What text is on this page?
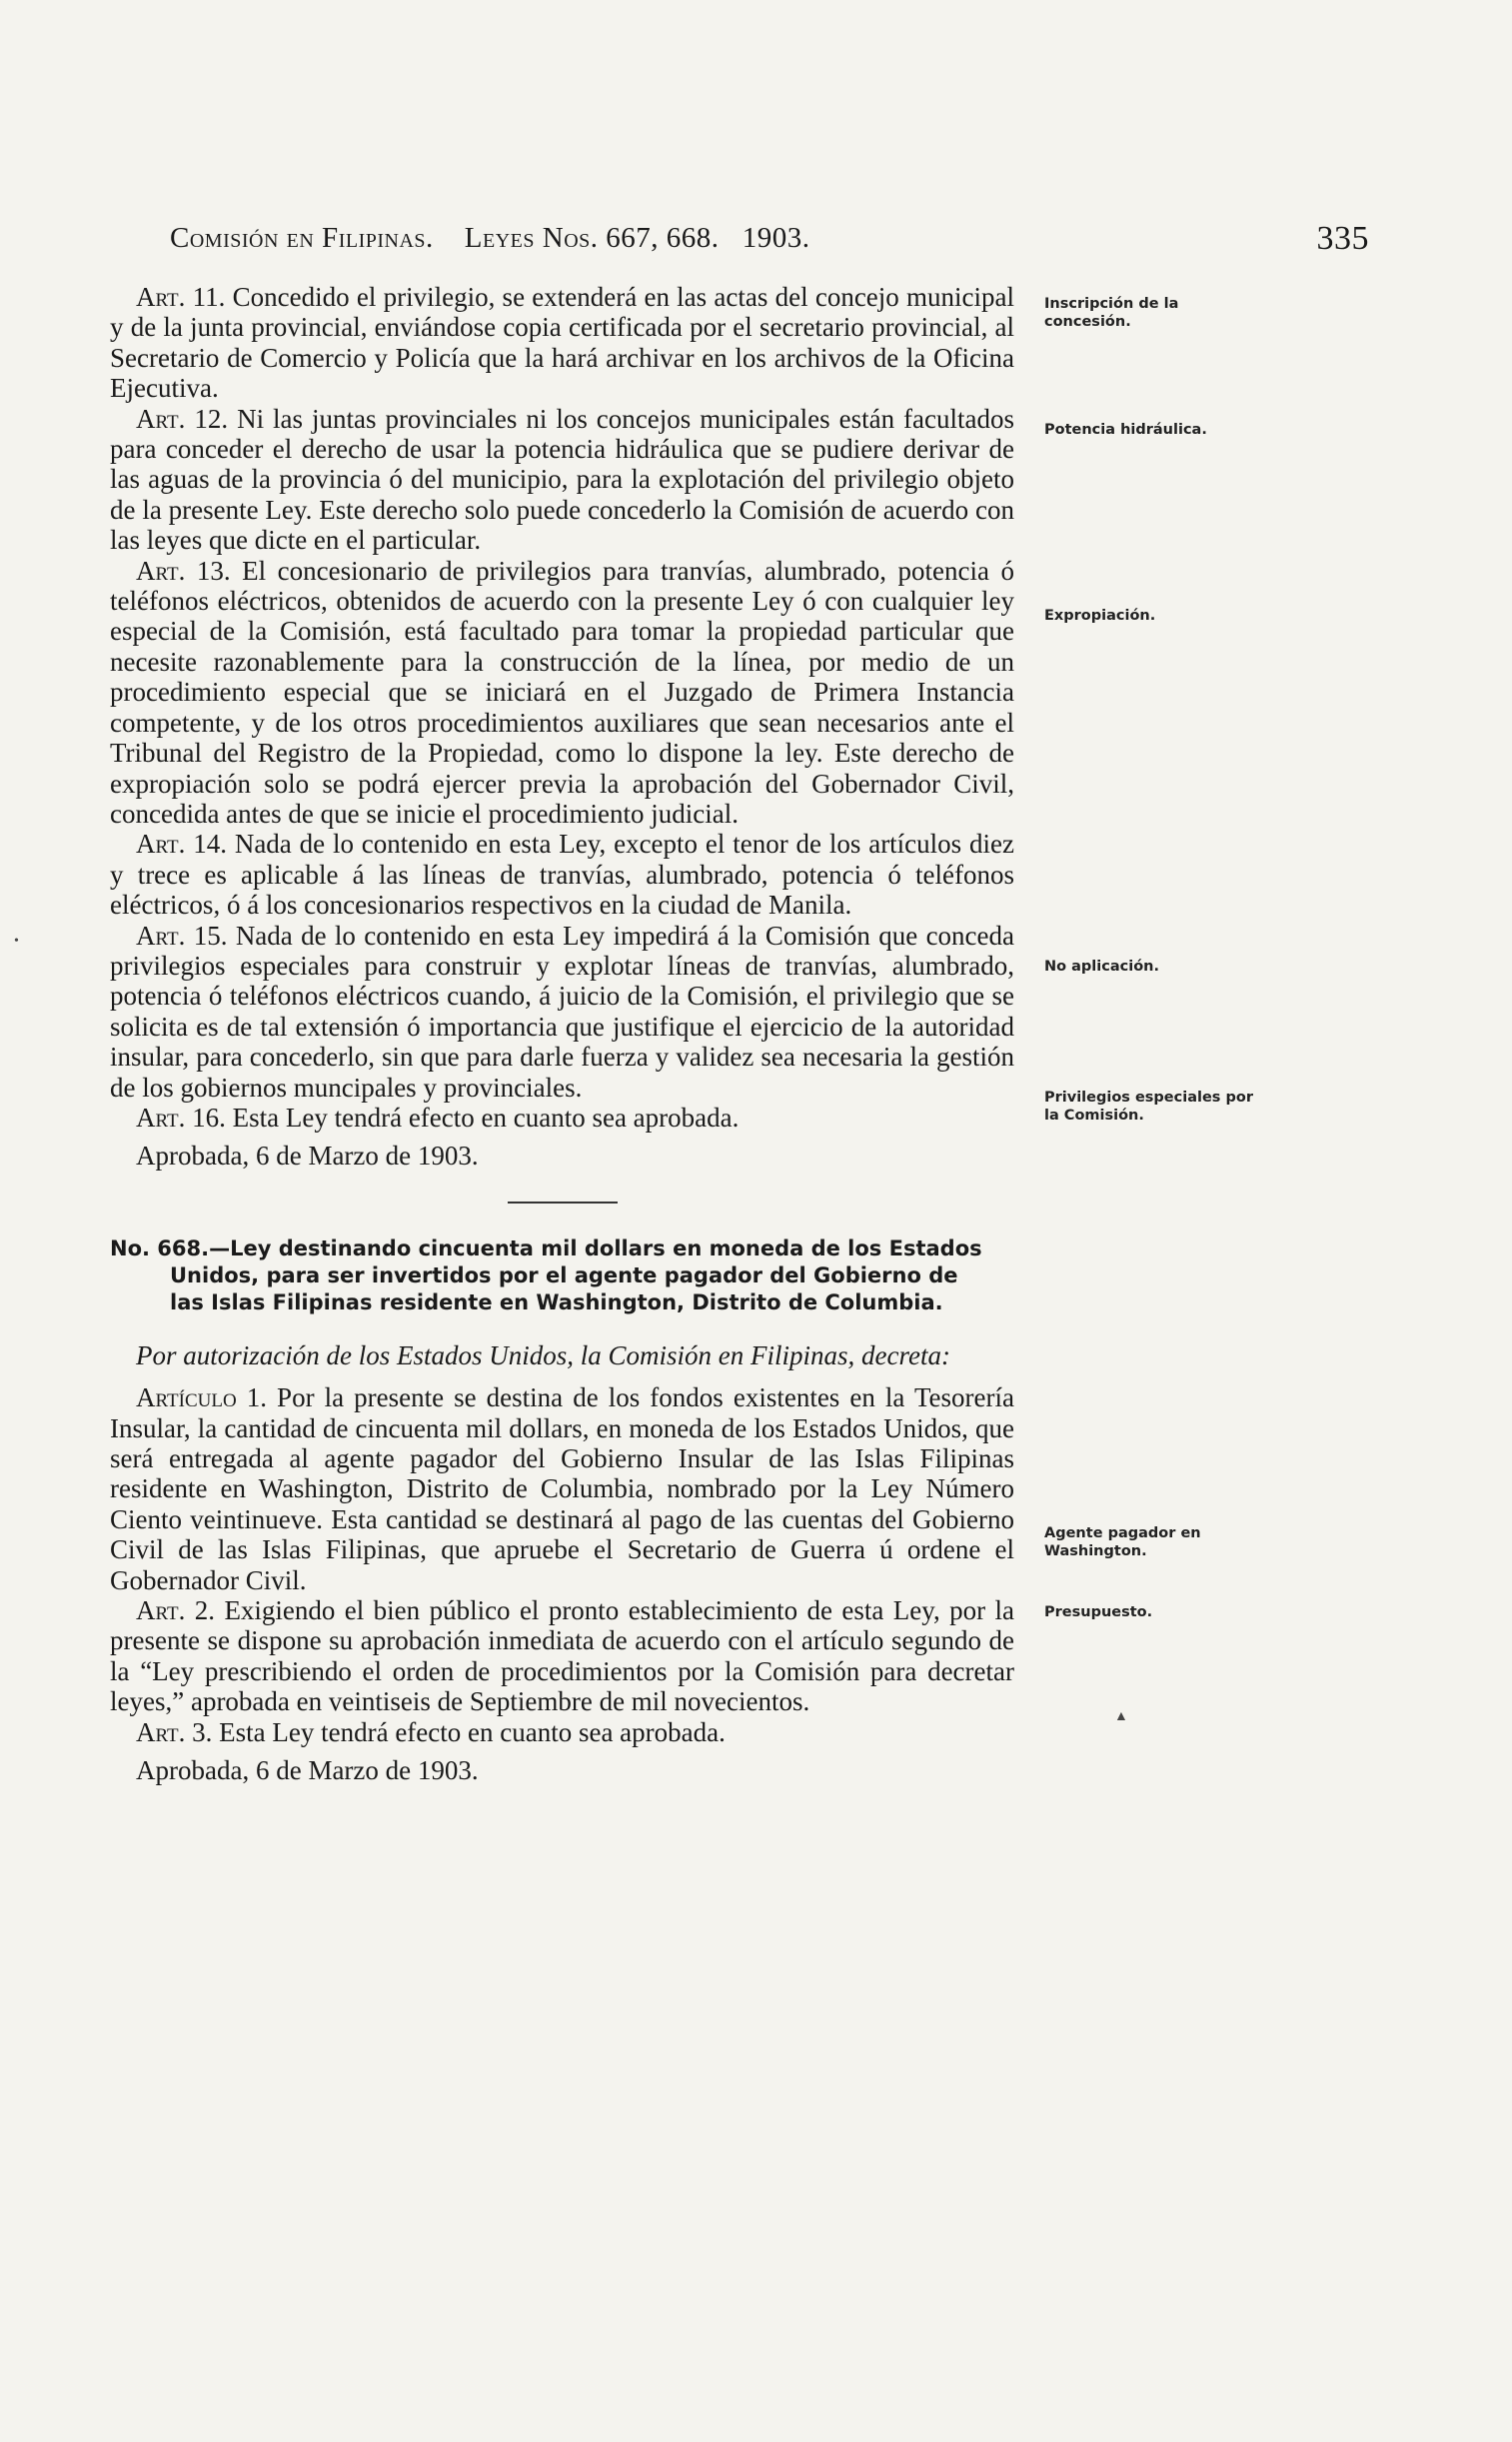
Comisión en Filipinas. Leyes Nos. 667, 668. 1903.	335

Art. 11. Concedido el privilegio, se extenderá en las actas del concejo municipal y de la junta provincial, enviándose copia certificada por el secretario provincial, al Secretario de Comercio y Policía que la hará archivar en los archivos de la Oficina Ejecutiva.

Art. 12. Ni las juntas provinciales ni los concejos municipales están facultados para conceder el derecho de usar la potencia hidráulica que se pudiere derivar de las aguas de la provincia ó del municipio, para la explotación del privilegio objeto de la presente Ley. Este derecho solo puede concederlo la Comisión de acuerdo con las leyes que dicte en el particular.

Art. 13. El concesionario de privilegios para tranvías, alumbrado, potencia ó teléfonos eléctricos, obtenidos de acuerdo con la presente Ley ó con cualquier ley especial de la Comisión, está facultado para tomar la propiedad particular que necesite razonablemente para la construcción de la línea, por medio de un procedimiento especial que se iniciará en el Juzgado de Primera Instancia competente, y de los otros procedimientos auxiliares que sean necesarios ante el Tribunal del Registro de la Propiedad, como lo dispone la ley. Este derecho de expropiación solo se podrá ejercer previa la aprobación del Gobernador Civil, concedida antes de que se inicie el procedimiento judicial.

Art. 14. Nada de lo contenido en esta Ley, excepto el tenor de los artículos diez y trece es aplicable á las líneas de tranvías, alumbrado, potencia ó teléfonos eléctricos, ó á los concesionarios respectivos en la ciudad de Manila.

Art. 15. Nada de lo contenido en esta Ley impedirá á la Comisión que conceda privilegios especiales para construir y explotar líneas de tranvías, alumbrado, potencia ó teléfonos eléctricos cuando, á juicio de la Comisión, el privilegio que se solicita es de tal extensión ó importancia que justifique el ejercicio de la autoridad insular, para concederlo, sin que para darle fuerza y validez sea necesaria la gestión de los gobiernos muncipales y provinciales.

Art. 16. Esta Ley tendrá efecto en cuanto sea aprobada.

Aprobada, 6 de Marzo de 1903.

No. 668.—Ley destinando cincuenta mil dollars en moneda de los Estados
Unidos, para ser invertidos por el agente pagador del Gobierno de
las Islas Filipinas residente en Washington, Distrito de Columbia.

Por autorización de los Estados Unidos, la Comisión en Filipinas, decreta:

Artículo 1. Por la presente se destina de los fondos existentes en la Tesorería Insular, la cantidad de cincuenta mil dollars, en moneda de los Estados Unidos, que será entregada al agente pagador del Gobierno Insular de las Islas Filipinas residente en Washington, Distrito de Columbia, nombrado por la Ley Número Ciento veintinueve. Esta cantidad se destinará al pago de las cuentas del Gobierno Civil de las Islas Filipinas, que apruebe el Secretario de Guerra ú ordene el Gobernador Civil.

Art. 2. Exigiendo el bien público el pronto establecimiento de esta Ley, por la presente se dispone su aprobación inmediata de acuerdo con el artículo segundo de la “Ley prescribiendo el orden de procedimientos por la Comisión para decretar leyes,” aprobada en veintiseis de Septiembre de mil novecientos.

Art. 3. Esta Ley tendrá efecto en cuanto sea aprobada.

Aprobada, 6 de Marzo de 1903.

Inscripción de la concesión.
Potencia hidráulica.
Expropiación.
No aplicación.
Privilegios especiales por la Comisión.
Agente pagador en Washington.
Presupuesto.
▲
•
